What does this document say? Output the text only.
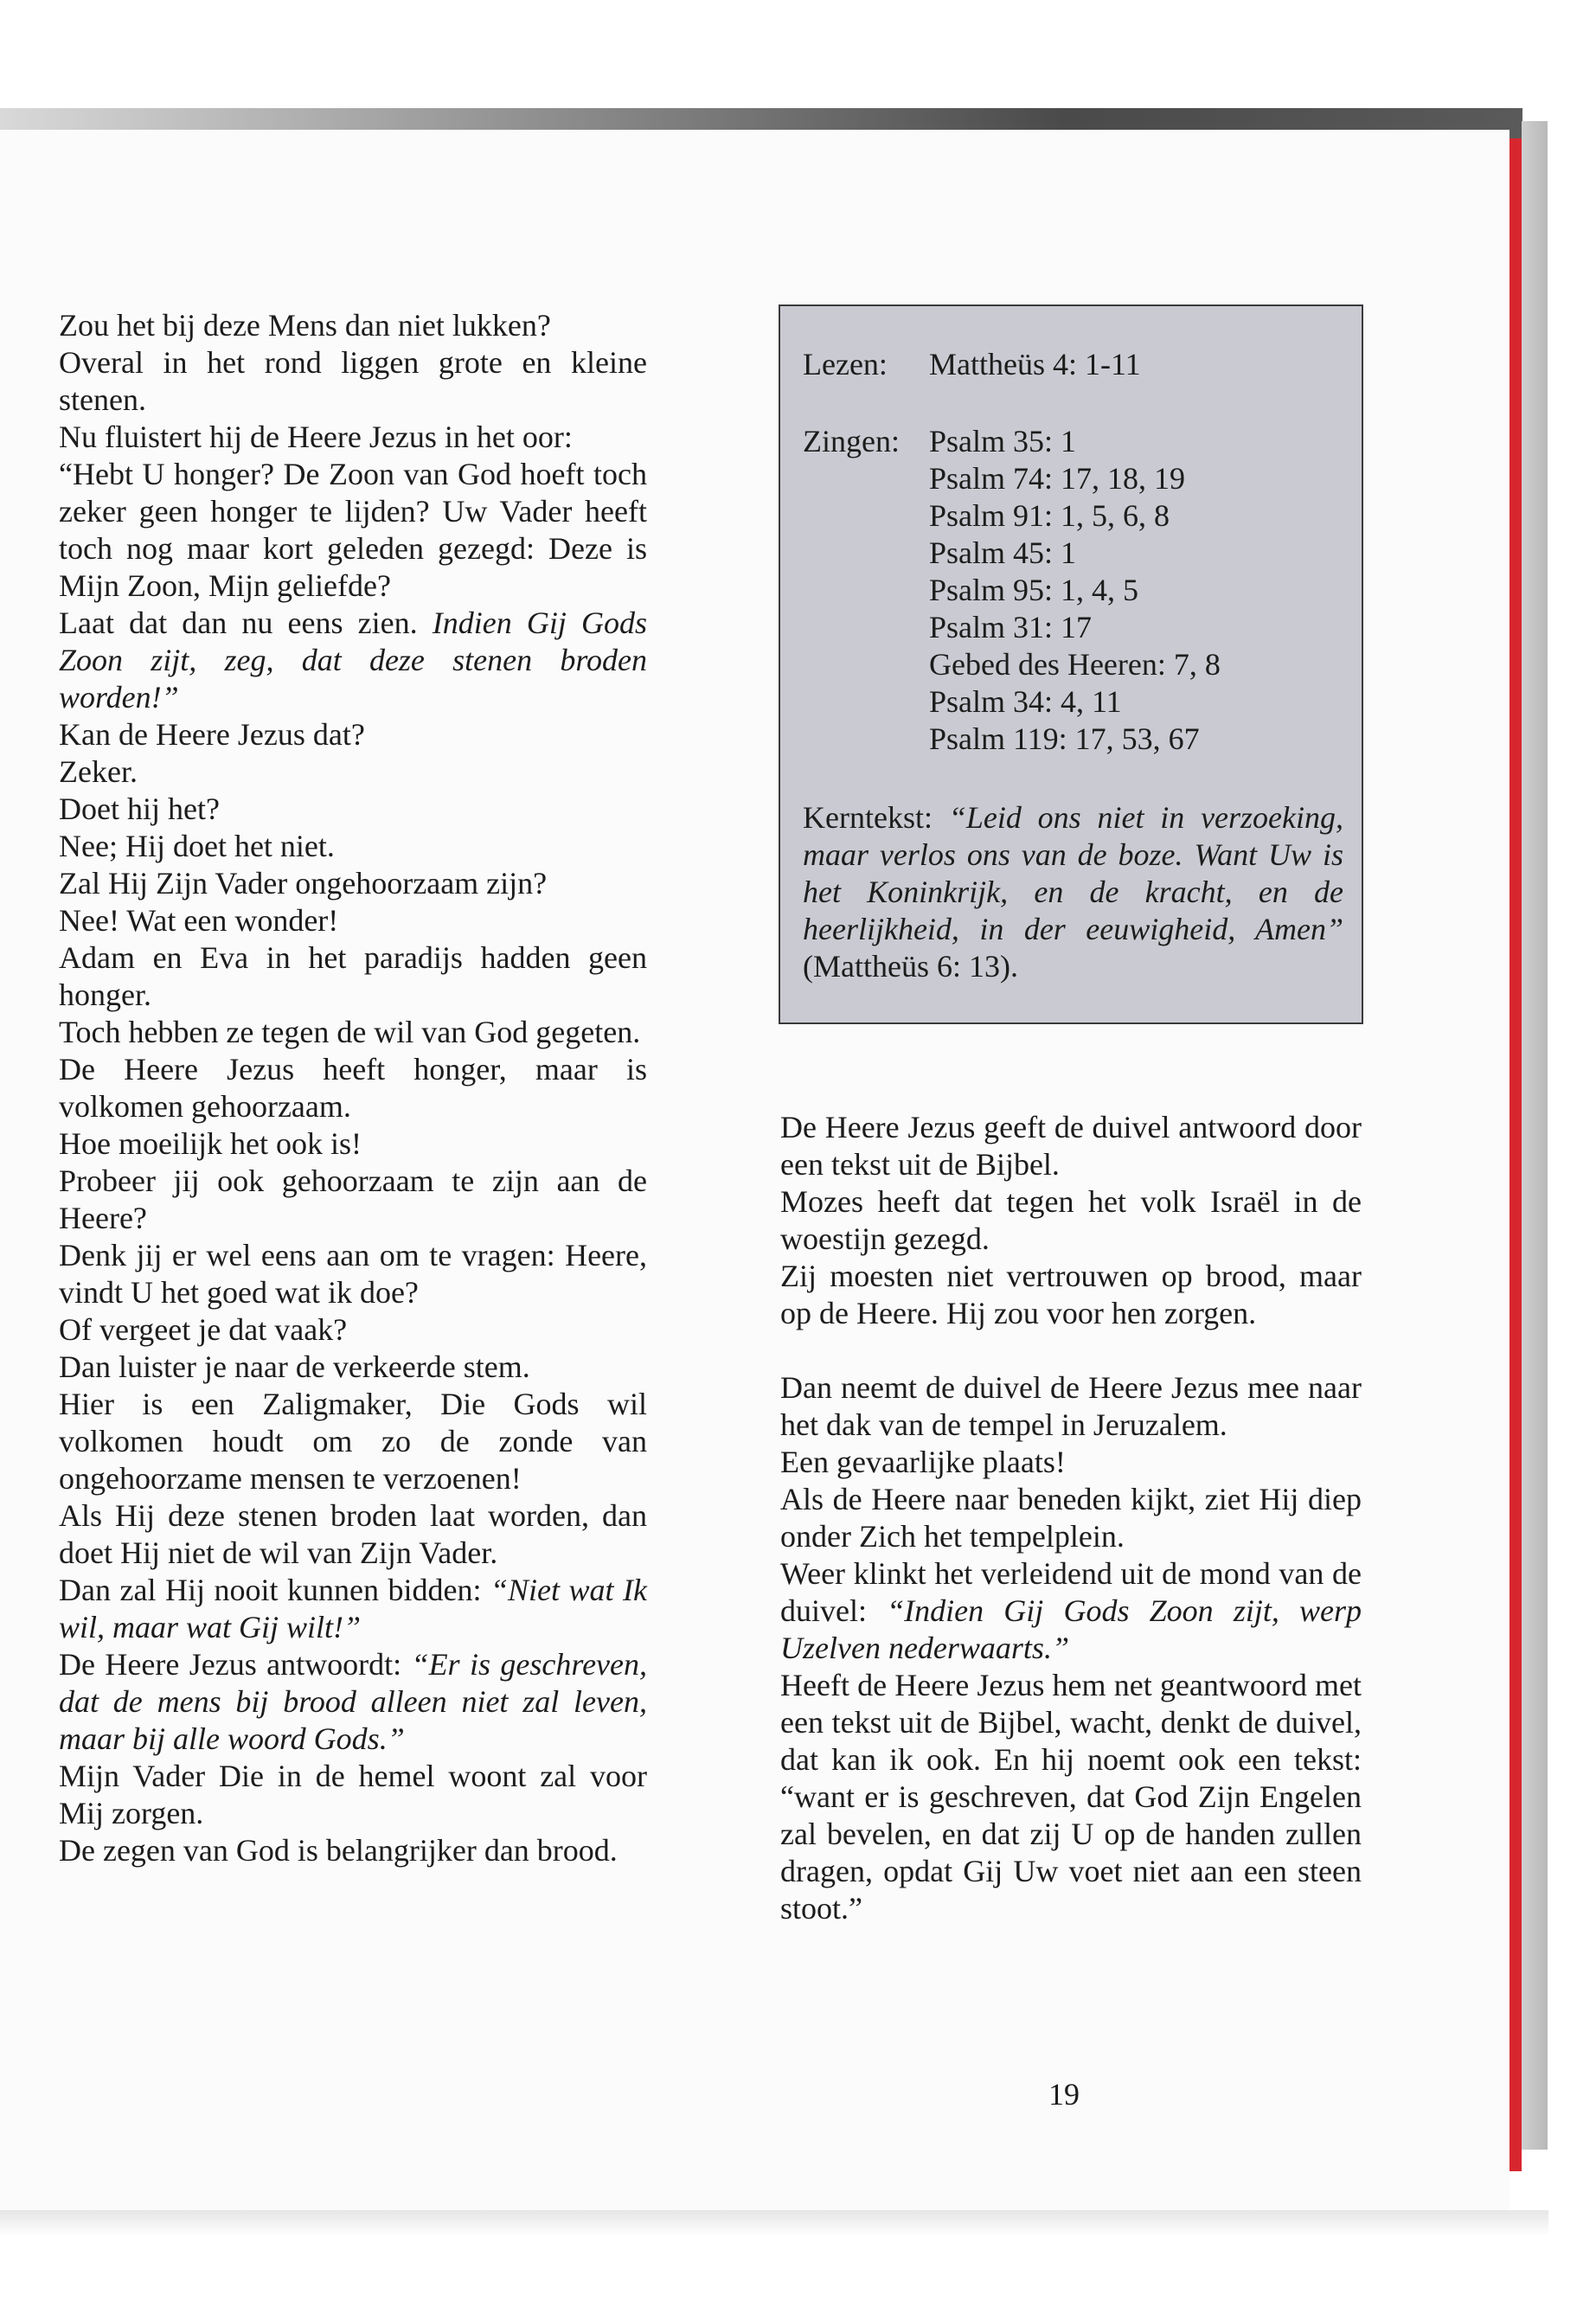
Zou het bij deze Mens dan niet lukken?

Overal in het rond liggen grote en kleine stenen.

Nu fluistert hij de Heere Jezus in het oor:

“Hebt U honger? De Zoon van God hoeft toch zeker geen honger te lijden? Uw Vader heeft toch nog maar kort geleden gezegd: Deze is Mijn Zoon, Mijn geliefde?

Laat dat dan nu eens zien. Indien Gij Gods Zoon zijt, zeg, dat deze stenen broden worden!”

Kan de Heere Jezus dat?

Zeker.

Doet hij het?

Nee; Hij doet het niet.

Zal Hij Zijn Vader ongehoorzaam zijn?

Nee! Wat een wonder!

Adam en Eva in het paradijs hadden geen honger.

Toch hebben ze tegen de wil van God gegeten.

De Heere Jezus heeft honger, maar is volkomen gehoorzaam.

Hoe moeilijk het ook is!

Probeer jij ook gehoorzaam te zijn aan de Heere?

Denk jij er wel eens aan om te vragen: Heere, vindt U het goed wat ik doe?

Of vergeet je dat vaak?

Dan luister je naar de verkeerde stem.

Hier is een Zaligmaker, Die Gods wil volkomen houdt om zo de zonde van ongehoorzame mensen te verzoenen!

Als Hij deze stenen broden laat worden, dan doet Hij niet de wil van Zijn Vader.

Dan zal Hij nooit kunnen bidden: “Niet wat Ik wil, maar wat Gij wilt!”

De Heere Jezus antwoordt: “Er is geschreven, dat de mens bij brood alleen niet zal leven, maar bij alle woord Gods.”

Mijn Vader Die in de hemel woont zal voor Mij zorgen.

De zegen van God is belangrijker dan brood.

Lezen: Mattheüs 4: 1-11
Zingen: Psalm 35: 1
Psalm 74: 17, 18, 19
Psalm 91: 1, 5, 6, 8
Psalm 45: 1
Psalm 95: 1, 4, 5
Psalm 31: 17
Gebed des Heeren: 7, 8
Psalm 34: 4, 11
Psalm 119: 17, 53, 67
Kerntekst: “Leid ons niet in verzoeking, maar verlos ons van de boze. Want Uw is het Koninkrijk, en de kracht, en de heerlijkheid, in der eeuwigheid, Amen” (Mattheüs 6: 13).

De Heere Jezus geeft de duivel antwoord door een tekst uit de Bijbel.

Mozes heeft dat tegen het volk Israël in de woestijn gezegd.

Zij moesten niet vertrouwen op brood, maar op de Heere. Hij zou voor hen zorgen.

Dan neemt de duivel de Heere Jezus mee naar het dak van de tempel in Jeruzalem.

Een gevaarlijke plaats!

Als de Heere naar beneden kijkt, ziet Hij diep onder Zich het tempelplein.

Weer klinkt het verleidend uit de mond van de duivel: “Indien Gij Gods Zoon zijt, werp Uzelven nederwaarts.”

Heeft de Heere Jezus hem net geantwoord met een tekst uit de Bijbel, wacht, denkt de duivel, dat kan ik ook. En hij noemt ook een tekst: “want er is geschreven, dat God Zijn Engelen zal bevelen, en dat zij U op de handen zullen dragen, opdat Gij Uw voet niet aan een steen stoot.”

19
